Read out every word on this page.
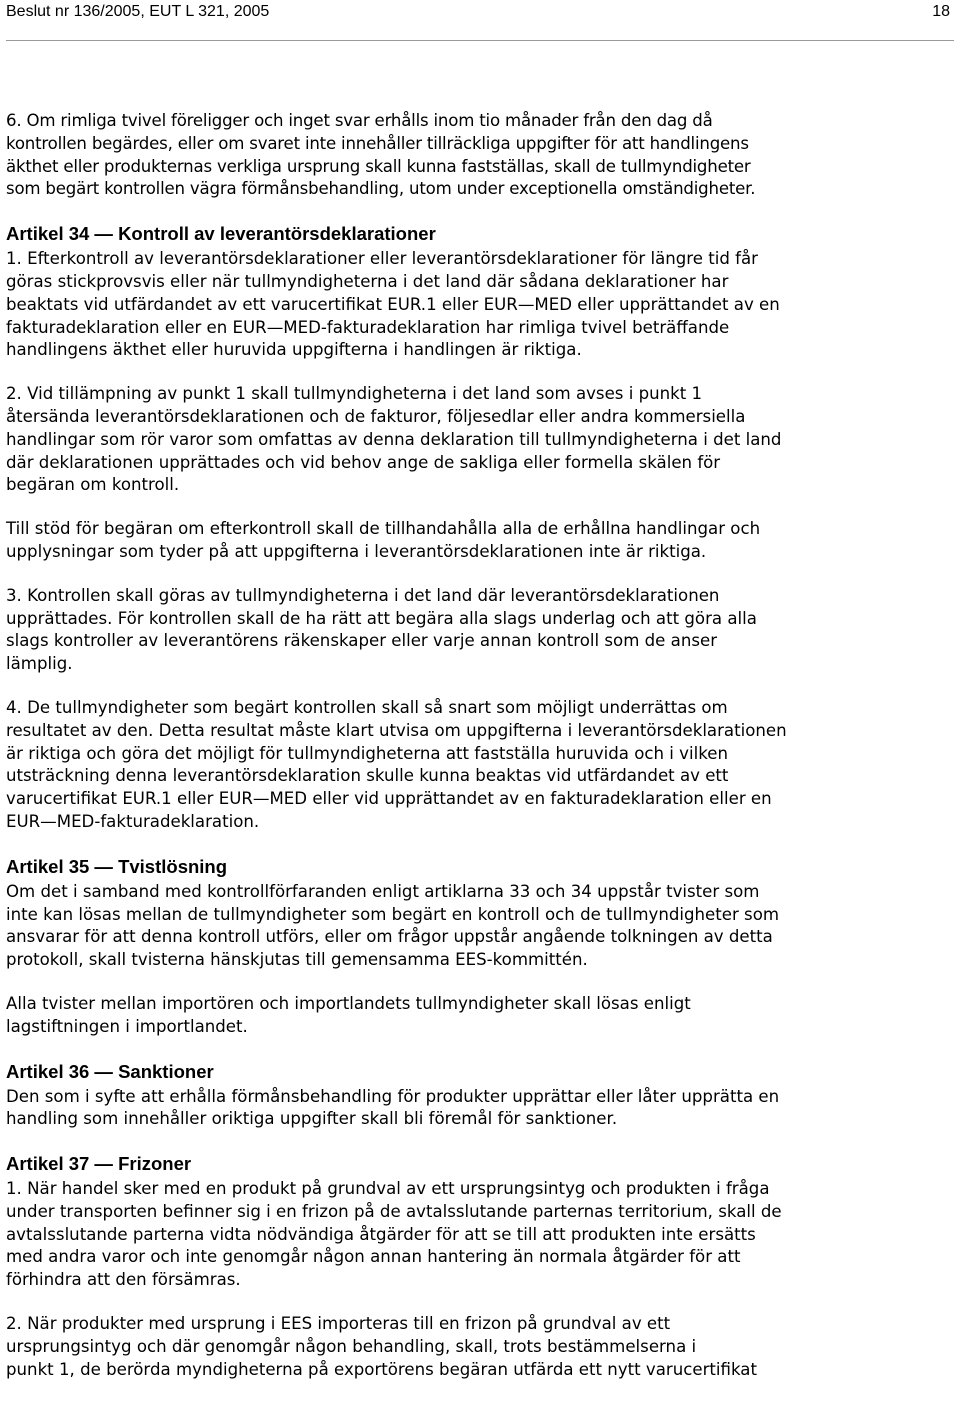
Beslut nr 136/2005, EUT L 321, 2005	18

6. Om rimliga tvivel föreligger och inget svar erhålls inom tio månader från den dag då
kontrollen begärdes, eller om svaret inte innehåller tillräckliga uppgifter för att handlingens
äkthet eller produkternas verkliga ursprung skall kunna fastställas, skall de tullmyndigheter
som begärt kontrollen vägra förmånsbehandling, utom under exceptionella omständigheter.

Artikel 34 — Kontroll av leverantörsdeklarationer

1. Efterkontroll av leverantörsdeklarationer eller leverantörsdeklarationer för längre tid får
göras stickprovsvis eller när tullmyndigheterna i det land där sådana deklarationer har
beaktats vid utfärdandet av ett varucertifikat EUR.1 eller EUR—MED eller upprättandet av en
fakturadeklaration eller en EUR—MED-fakturadeklaration har rimliga tvivel beträffande
handlingens äkthet eller huruvida uppgifterna i handlingen är riktiga.

2. Vid tillämpning av punkt 1 skall tullmyndigheterna i det land som avses i punkt 1
återsända leverantörsdeklarationen och de fakturor, följesedlar eller andra kommersiella
handlingar som rör varor som omfattas av denna deklaration till tullmyndigheterna i det land
där deklarationen upprättades och vid behov ange de sakliga eller formella skälen för
begäran om kontroll.

Till stöd för begäran om efterkontroll skall de tillhandahålla alla de erhållna handlingar och
upplysningar som tyder på att uppgifterna i leverantörsdeklarationen inte är riktiga.

3. Kontrollen skall göras av tullmyndigheterna i det land där leverantörsdeklarationen
upprättades. För kontrollen skall de ha rätt att begära alla slags underlag och att göra alla
slags kontroller av leverantörens räkenskaper eller varje annan kontroll som de anser
lämplig.

4. De tullmyndigheter som begärt kontrollen skall så snart som möjligt underrättas om
resultatet av den. Detta resultat måste klart utvisa om uppgifterna i leverantörsdeklarationen
är riktiga och göra det möjligt för tullmyndigheterna att fastställa huruvida och i vilken
utsträckning denna leverantörsdeklaration skulle kunna beaktas vid utfärdandet av ett
varucertifikat EUR.1 eller EUR—MED eller vid upprättandet av en fakturadeklaration eller en
EUR—MED-fakturadeklaration.

Artikel 35 — Tvistlösning

Om det i samband med kontrollförfaranden enligt artiklarna 33 och 34 uppstår tvister som
inte kan lösas mellan de tullmyndigheter som begärt en kontroll och de tullmyndigheter som
ansvarar för att denna kontroll utförs, eller om frågor uppstår angående tolkningen av detta
protokoll, skall tvisterna hänskjutas till gemensamma EES-kommittén.

Alla tvister mellan importören och importlandets tullmyndigheter skall lösas enligt
lagstiftningen i importlandet.

Artikel 36 — Sanktioner

Den som i syfte att erhålla förmånsbehandling för produkter upprättar eller låter upprätta en
handling som innehåller oriktiga uppgifter skall bli föremål för sanktioner.

Artikel 37 — Frizoner

1. När handel sker med en produkt på grundval av ett ursprungsintyg och produkten i fråga
under transporten befinner sig i en frizon på de avtalsslutande parternas territorium, skall de
avtalsslutande parterna vidta nödvändiga åtgärder för att se till att produkten inte ersätts
med andra varor och inte genomgår någon annan hantering än normala åtgärder för att
förhindra att den försämras.

2. När produkter med ursprung i EES importeras till en frizon på grundval av ett
ursprungsintyg och där genomgår någon behandling, skall, trots bestämmelserna i
punkt 1, de berörda myndigheterna på exportörens begäran utfärda ett nytt varucertifikat
